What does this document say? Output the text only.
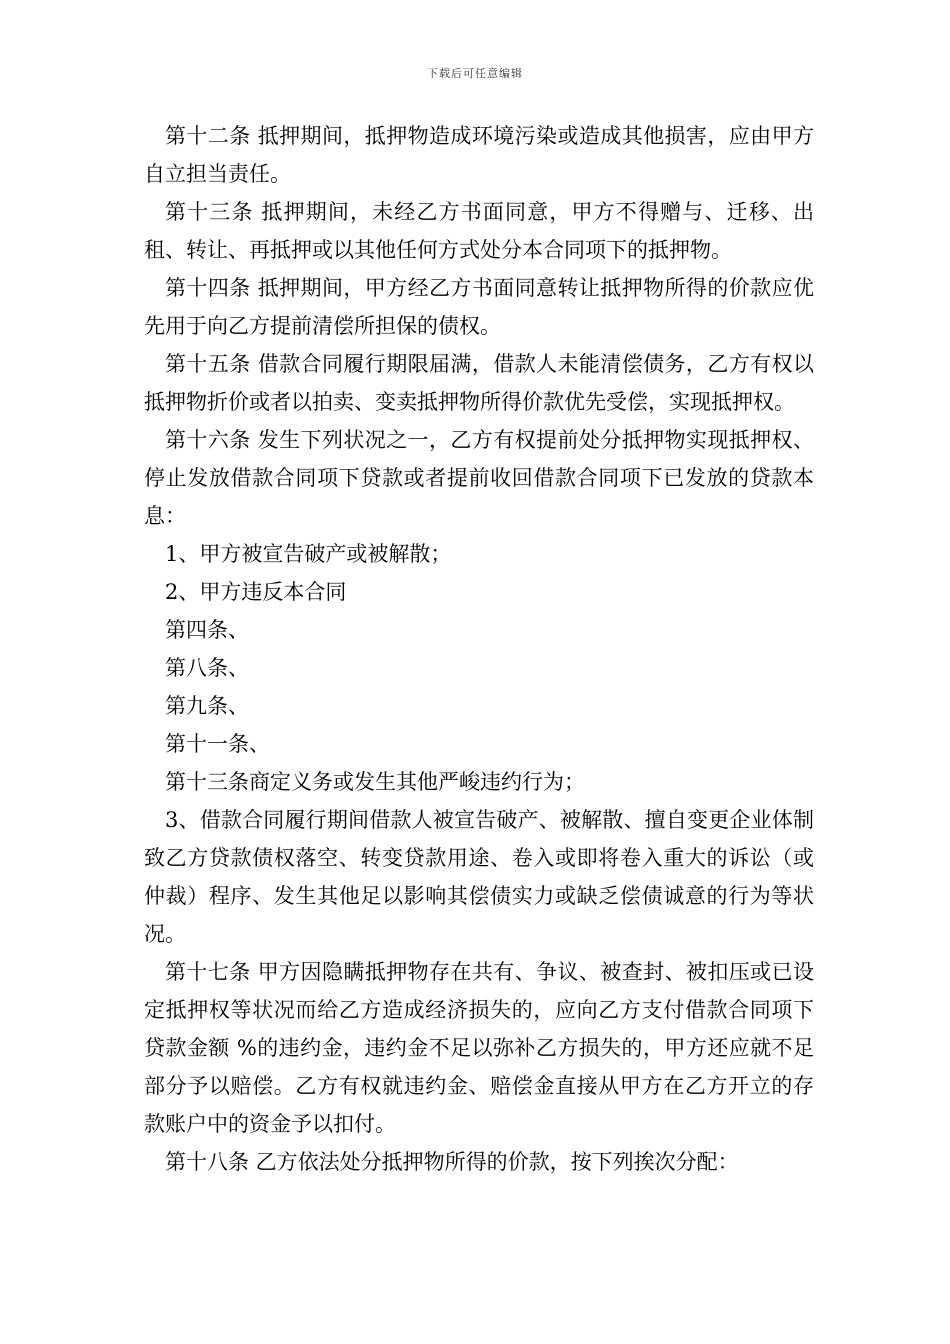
下载后可任意编辑

第十二条 抵押期间，抵押物造成环境污染或造成其他损害，应由甲方自立担当责任。

第十三条 抵押期间，未经乙方书面同意，甲方不得赠与、迁移、出租、转让、再抵押或以其他任何方式处分本合同项下的抵押物。

第十四条 抵押期间，甲方经乙方书面同意转让抵押物所得的价款应优先用于向乙方提前清偿所担保的债权。

第十五条 借款合同履行期限届满，借款人未能清偿债务，乙方有权以抵押物折价或者以拍卖、变卖抵押物所得价款优先受偿，实现抵押权。

第十六条 发生下列状况之一，乙方有权提前处分抵押物实现抵押权、停止发放借款合同项下贷款或者提前收回借款合同项下已发放的贷款本息：

1、甲方被宣告破产或被解散；

2、甲方违反本合同

第四条、

第八条、

第九条、

第十一条、

第十三条商定义务或发生其他严峻违约行为；

3、借款合同履行期间借款人被宣告破产、被解散、擅自变更企业体制致乙方贷款债权落空、转变贷款用途、卷入或即将卷入重大的诉讼（或仲裁）程序、发生其他足以影响其偿债实力或缺乏偿债诚意的行为等状况。

第十七条 甲方因隐瞒抵押物存在共有、争议、被查封、被扣压或已设定抵押权等状况而给乙方造成经济损失的，应向乙方支付借款合同项下贷款金额 %的违约金，违约金不足以弥补乙方损失的，甲方还应就不足部分予以赔偿。乙方有权就违约金、赔偿金直接从甲方在乙方开立的存款账户中的资金予以扣付。

第十八条 乙方依法处分抵押物所得的价款，按下列挨次分配：
